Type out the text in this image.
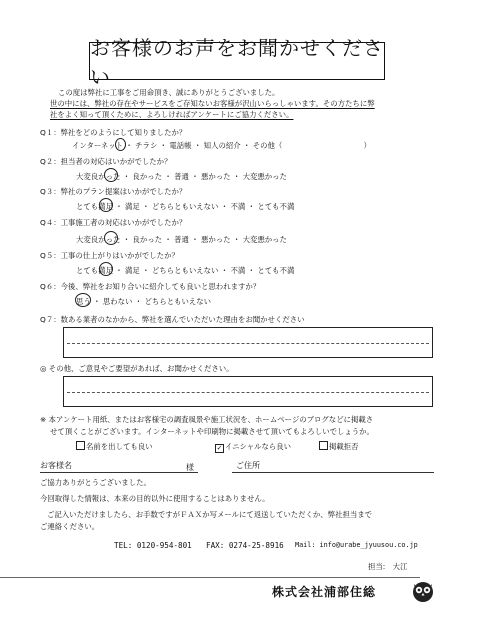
お客様のお声をお聞かせください
この度は弊社に工事をご用命頂き、誠にありがとうございました。
世の中には、弊社の存在やサービスをご存知ないお客様が沢山いらっしゃいます。その方たちに弊
社をよく知って頂くために、よろしければアンケートにご協力ください。
Q１：弊社をどのようにして知りましたか？
インターネット ・ チラシ ・ 電話帳 ・ 知人の紹介 ・ その他（　　　　　　　　　　　）
Q２：担当者の対応はいかがでしたか？
大変良かった ・ 良かった ・ 普通 ・ 悪かった ・ 大変悪かった
Q３：弊社のプラン提案はいかがでしたか？
とても満足 ・ 満足 ・ どちらともいえない ・ 不満 ・ とても不満
Q４：工事施工者の対応はいかがでしたか？
大変良かった ・ 良かった ・ 普通 ・ 悪かった ・ 大変悪かった
Q５：工事の仕上がりはいかがでしたか？
とても満足 ・ 満足 ・ どちらともいえない ・ 不満 ・ とても不満
Q６：今後、弊社をお知り合いに紹介しても良いと思われますか？
思う ・ 思わない ・ どちらともいえない
Q７：数ある業者のなかから、弊社を選んでいただいた理由をお聞かせください
◎ その他、ご意見やご要望があれば、お聞かせください。
※ 本アンケート用紙、またはお客様宅の調査風景や施工状況を、ホームページのブログなどに掲載さ
せて頂くことがございます。インターネットや印刷物に掲載させて頂いてもよろしいでしょうか。
名前を出しても良い	✓ イニシャルなら良い	掲載拒否
お客様名	様	ご住所
ご協力ありがとうございました。
今回取得した情報は、本来の目的以外に使用することはありません。
ご記入いただけましたら、お手数ですがＦＡＸか写メールにて返送していただくか、弊社担当まで
ご連絡ください。
TEL: 0120-954-801 FAX: 0274-25-8916 Mail: info@urabe_jyuusou.co.jp
担当:　大江
株式会社浦部住総
